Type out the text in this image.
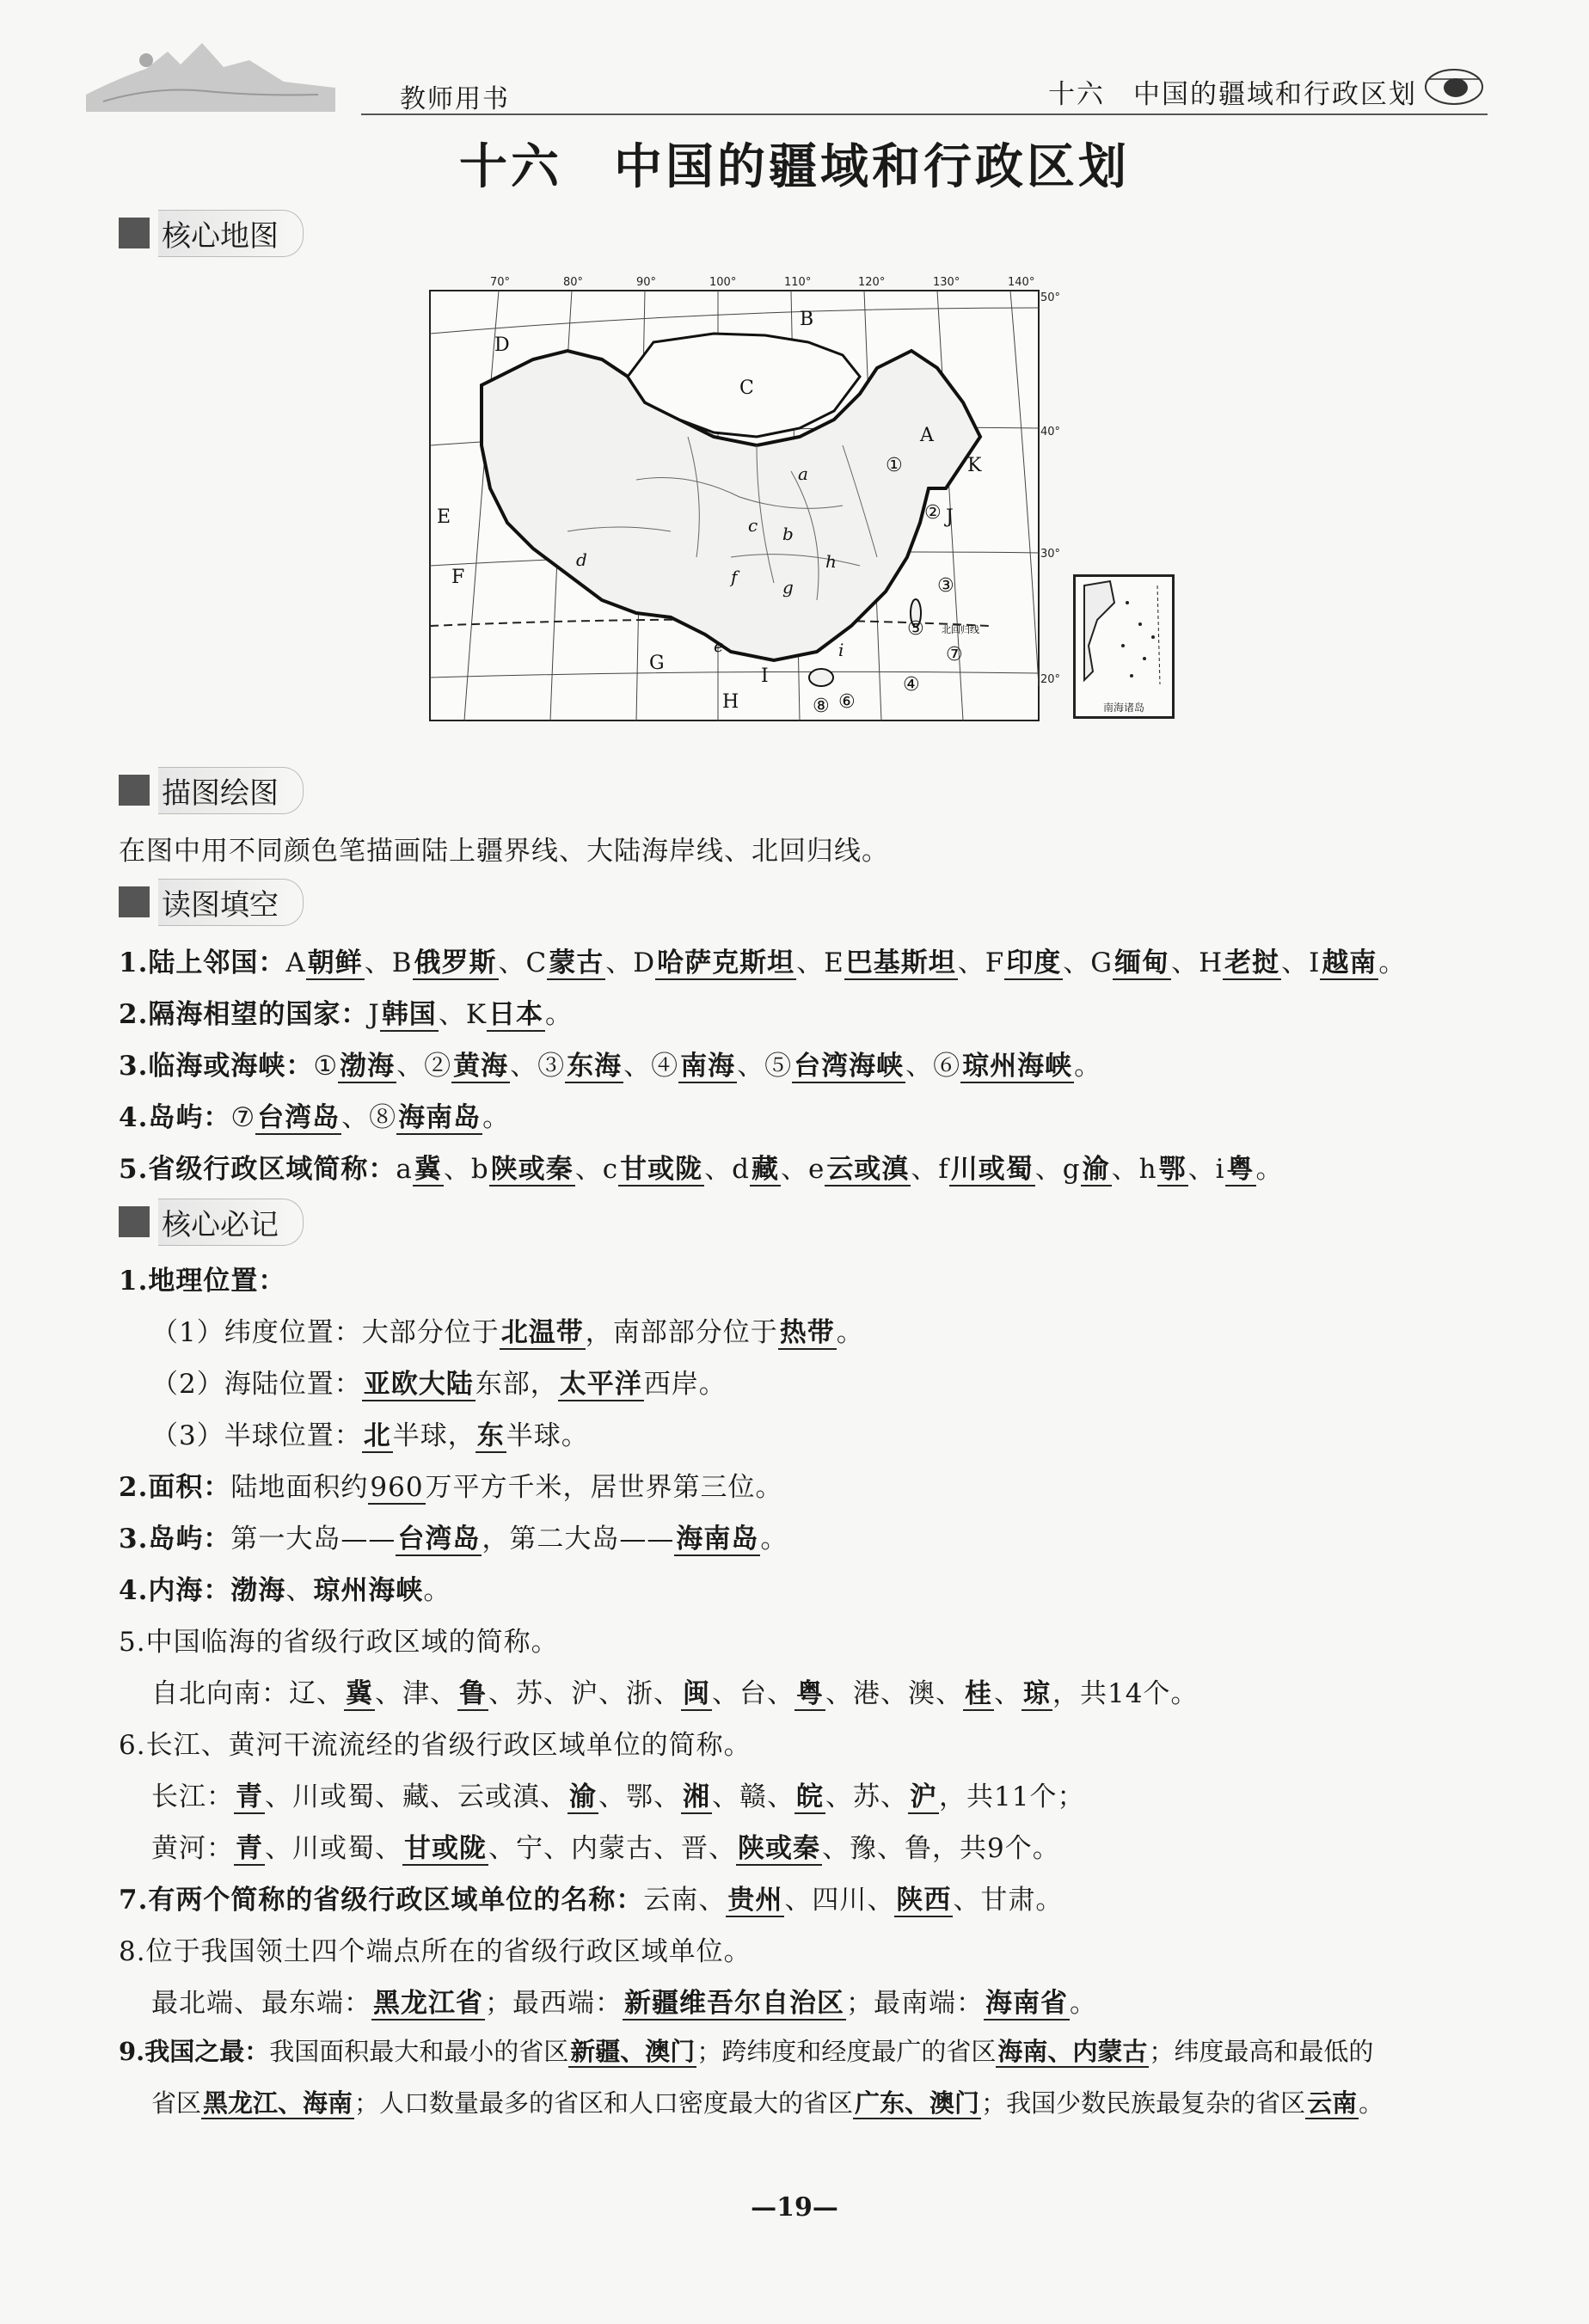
教师用书	十六　中国的疆域和行政区划
十六　中国的疆域和行政区划
核心地图
70°	80°	90°	100°	110°	120°	130°	140°
50°
40°
30°
20°
北回归线
A
B
C
D
E
F
G
H
I
J
K
a
b
c
d
e
f	g
h
i
①
②
③
④
⑤
⑥
⑦
⑧	南海诸岛
描图绘图
在图中用不同颜色笔描画陆上疆界线、大陆海岸线、北回归线。
读图填空
1.陆上邻国：A朝鲜、B俄罗斯、C蒙古、D哈萨克斯坦、E巴基斯坦、F印度、G缅甸、H老挝、I越南。
2.隔海相望的国家：J韩国、K日本。
3.临海或海峡：①渤海、②黄海、③东海、④南海、⑤台湾海峡、⑥琼州海峡。
4.岛屿：⑦台湾岛、⑧海南岛。
5.省级行政区域简称：a冀、b陕或秦、c甘或陇、d藏、e云或滇、f川或蜀、g渝、h鄂、i粤。
核心必记
1.地理位置：
（1）纬度位置：大部分位于北温带，南部部分位于热带。
（2）海陆位置：亚欧大陆东部，太平洋西岸。
（3）半球位置：北半球，东半球。
2.面积：陆地面积约960万平方千米，居世界第三位。
3.岛屿：第一大岛——台湾岛，第二大岛——海南岛。
4.内海：渤海、琼州海峡。
5.中国临海的省级行政区域的简称。
自北向南：辽、冀、津、鲁、苏、沪、浙、闽、台、粤、港、澳、桂、琼，共14个。
6.长江、黄河干流流经的省级行政区域单位的简称。
长江：青、川或蜀、藏、云或滇、渝、鄂、湘、赣、皖、苏、沪，共11个；
黄河：青、川或蜀、甘或陇、宁、内蒙古、晋、陕或秦、豫、鲁，共9个。
7.有两个简称的省级行政区域单位的名称：云南、贵州、四川、陕西、甘肃。
8.位于我国领土四个端点所在的省级行政区域单位。
最北端、最东端：黑龙江省；最西端：新疆维吾尔自治区；最南端：海南省。
9.我国之最：我国面积最大和最小的省区新疆、澳门；跨纬度和经度最广的省区海南、内蒙古；纬度最高和最低的
省区黑龙江、海南；人口数量最多的省区和人口密度最大的省区广东、澳门；我国少数民族最复杂的省区云南。
—19—
